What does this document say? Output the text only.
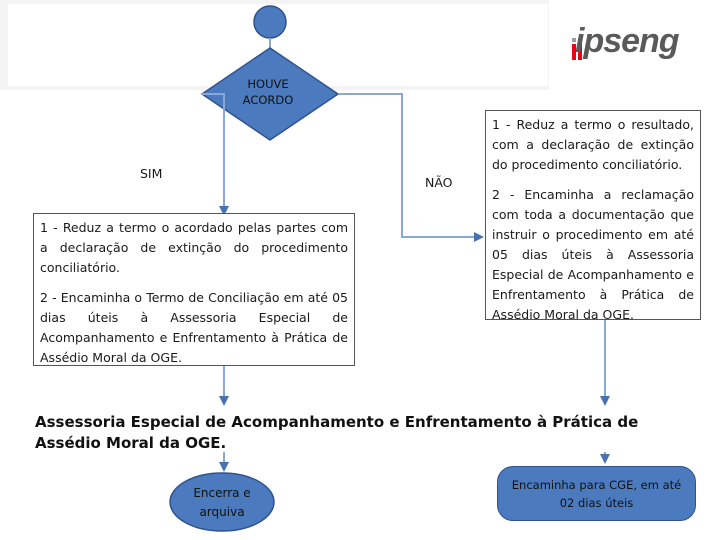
ipseng
HOUVE ACORDO
SIM
NÃO

1 - Reduz a termo o acordado pelas partes com a declaração de extinção do procedimento conciliatório.

2 - Encaminha o Termo de Conciliação em até 05 dias úteis à Assessoria Especial de Acompanhamento e Enfrentamento à Prática de Assédio Moral da OGE.

1 - Reduz a termo o resultado, com a declaração de extinção do procedimento conciliatório.

2 - Encaminha a reclamação com toda a documentação que instruir o procedimento em até 05 dias úteis à Assessoria Especial de Acompanhamento e Enfrentamento à Prática de Assédio Moral da OGE.

Assessoria Especial de Acompanhamento e Enfrentamento à Prática de Assédio Moral da OGE.
Encerra e arquiva
Encaminha para CGE, em até 02 dias úteis
